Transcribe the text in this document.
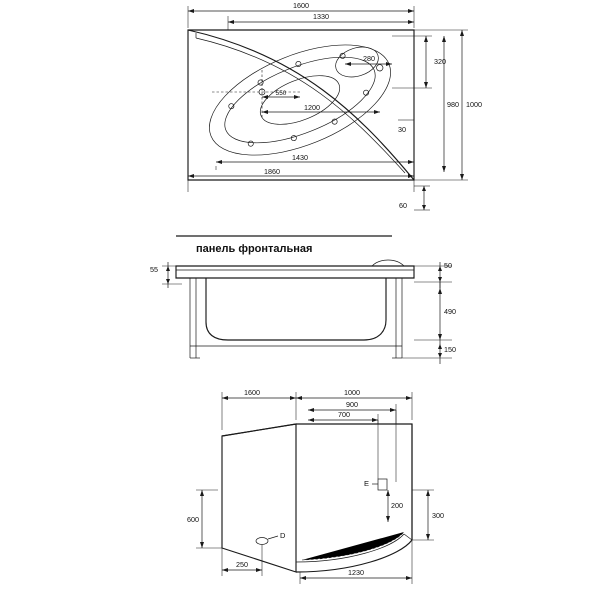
1600
1330
280	320
1000
980
550
1200
30
1430
1860
60
панель фронтальная
55	50
490
150
D
E
1600	1000
900
700
200
300
600
250
1230
